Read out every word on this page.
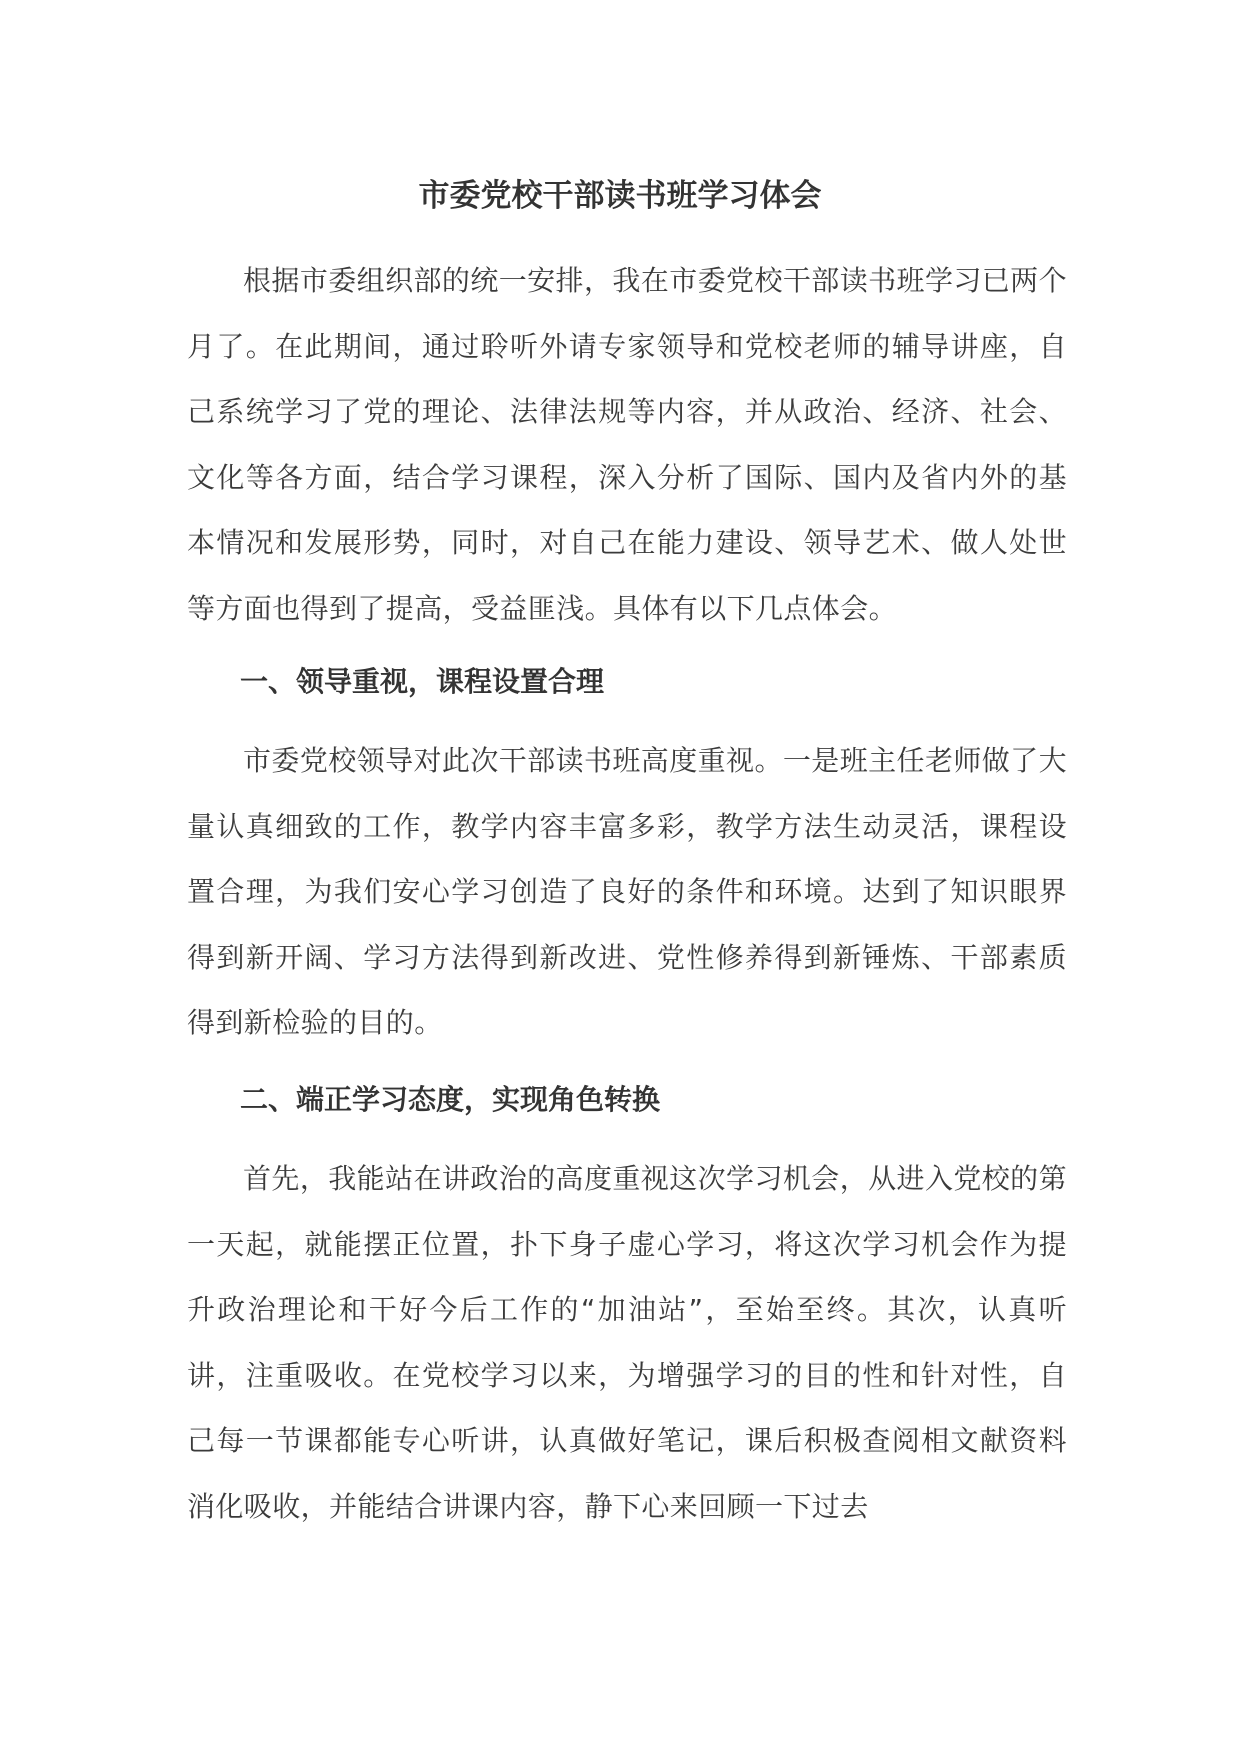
市委党校干部读书班学习体会

根据市委组织部的统一安排，我在市委党校干部读书班学习已两个月了。在此期间，通过聆听外请专家领导和党校老师的辅导讲座，自己系统学习了党的理论、法律法规等内容，并从政治、经济、社会、文化等各方面，结合学习课程，深入分析了国际、国内及省内外的基本情况和发展形势，同时，对自己在能力建设、领导艺术、做人处世等方面也得到了提高，受益匪浅。具体有以下几点体会。

一、领导重视，课程设置合理

市委党校领导对此次干部读书班高度重视。一是班主任老师做了大量认真细致的工作，教学内容丰富多彩，教学方法生动灵活，课程设置合理，为我们安心学习创造了良好的条件和环境。达到了知识眼界得到新开阔、学习方法得到新改进、党性修养得到新锤炼、干部素质得到新检验的目的。

二、端正学习态度，实现角色转换

首先，我能站在讲政治的高度重视这次学习机会，从进入党校的第一天起，就能摆正位置，扑下身子虚心学习，将这次学习机会作为提升政治理论和干好今后工作的“加油站”，至始至终。其次，认真听讲，注重吸收。在党校学习以来，为增强学习的目的性和针对性，自己每一节课都能专心听讲，认真做好笔记，课后积极查阅相文献资料消化吸收，并能结合讲课内容，静下心来回顾一下过去
